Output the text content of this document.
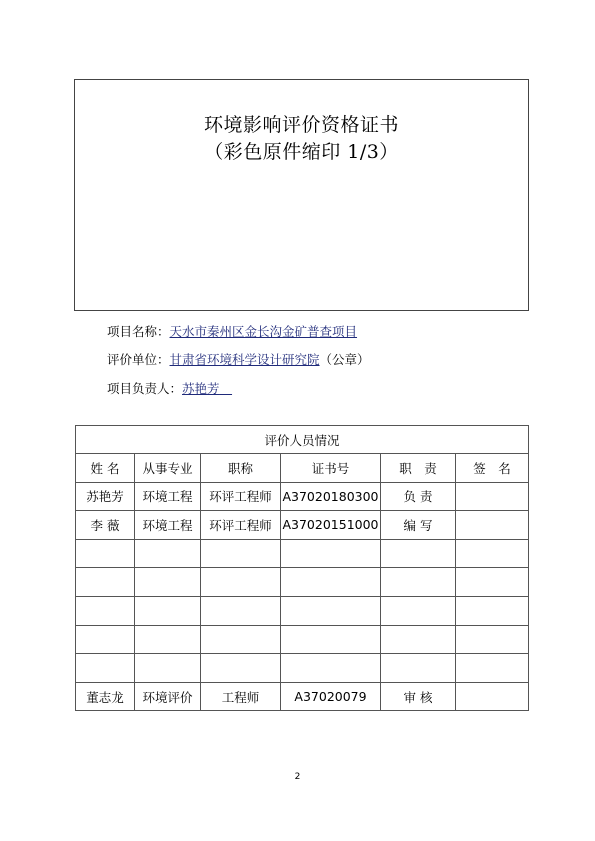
环境影响评价资格证书
（彩色原件缩印 1/3）
项目名称：天水市秦州区金长沟金矿普查项目
评价单位：甘肃省环境科学设计研究院（公章）
项目负责人：苏艳芳　
评价人员情况					
姓 名	从事专业	职称	证书号	职　责	签　名
苏艳芳	环境工程	环评工程师	A37020180300	负 责	
李 薇	环境工程	环评工程师	A37020151000	编 写	

董志龙	环境评价	工程师	A37020079	审 核	
2
